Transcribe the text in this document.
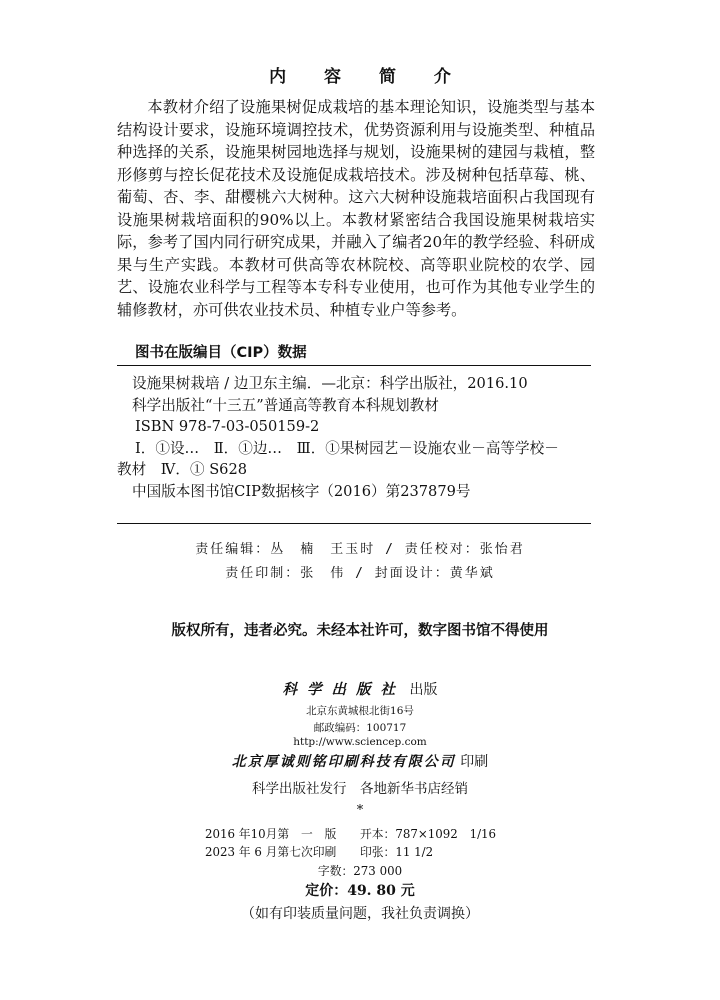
内 容 简 介
本教材介绍了设施果树促成栽培的基本理论知识，设施类型与基本结构设计要求，设施环境调控技术，优势资源利用与设施类型、种植品种选择的关系，设施果树园地选择与规划，设施果树的建园与栽植，整形修剪与控长促花技术及设施促成栽培技术。涉及树种包括草莓、桃、葡萄、杏、李、甜樱桃六大树种。这六大树种设施栽培面积占我国现有设施果树栽培面积的90%以上。本教材紧密结合我国设施果树栽培实际，参考了国内同行研究成果，并融入了编者20年的教学经验、科研成果与生产实践。本教材可供高等农林院校、高等职业院校的农学、园艺、设施农业科学与工程等本专科专业使用，也可作为其他专业学生的辅修教材，亦可供农业技术员、种植专业户等参考。
图书在版编目（CIP）数据
设施果树栽培 / 边卫东主编．—北京：科学出版社，2016.10
科学出版社“十三五”普通高等教育本科规划教材
ISBN 978-7-03-050159-2
Ⅰ．①设…　Ⅱ．①边…　Ⅲ．①果树园艺－设施农业－高等学校－
教材　Ⅳ．① S628
中国版本图书馆CIP数据核字（2016）第237879号
责任编辑：丛　楠　王玉时 / 责任校对：张怡君
责任印制：张　伟 / 封面设计：黄华斌
版权所有，违者必究。未经本社许可，数字图书馆不得使用
科学出版社 出版
北京东黄城根北街16号
邮政编码：100717
http://www.sciencep.com
北京厚诚则铭印刷科技有限公司 印刷
科学出版社发行　各地新华书店经销
*
2016 年10月第　一　版　　开本：787×1092　1/16
2023 年 6 月第七次印刷　　印张：11 1/2
字数：273 000
定价：49. 80 元
（如有印装质量问题，我社负责调换）
